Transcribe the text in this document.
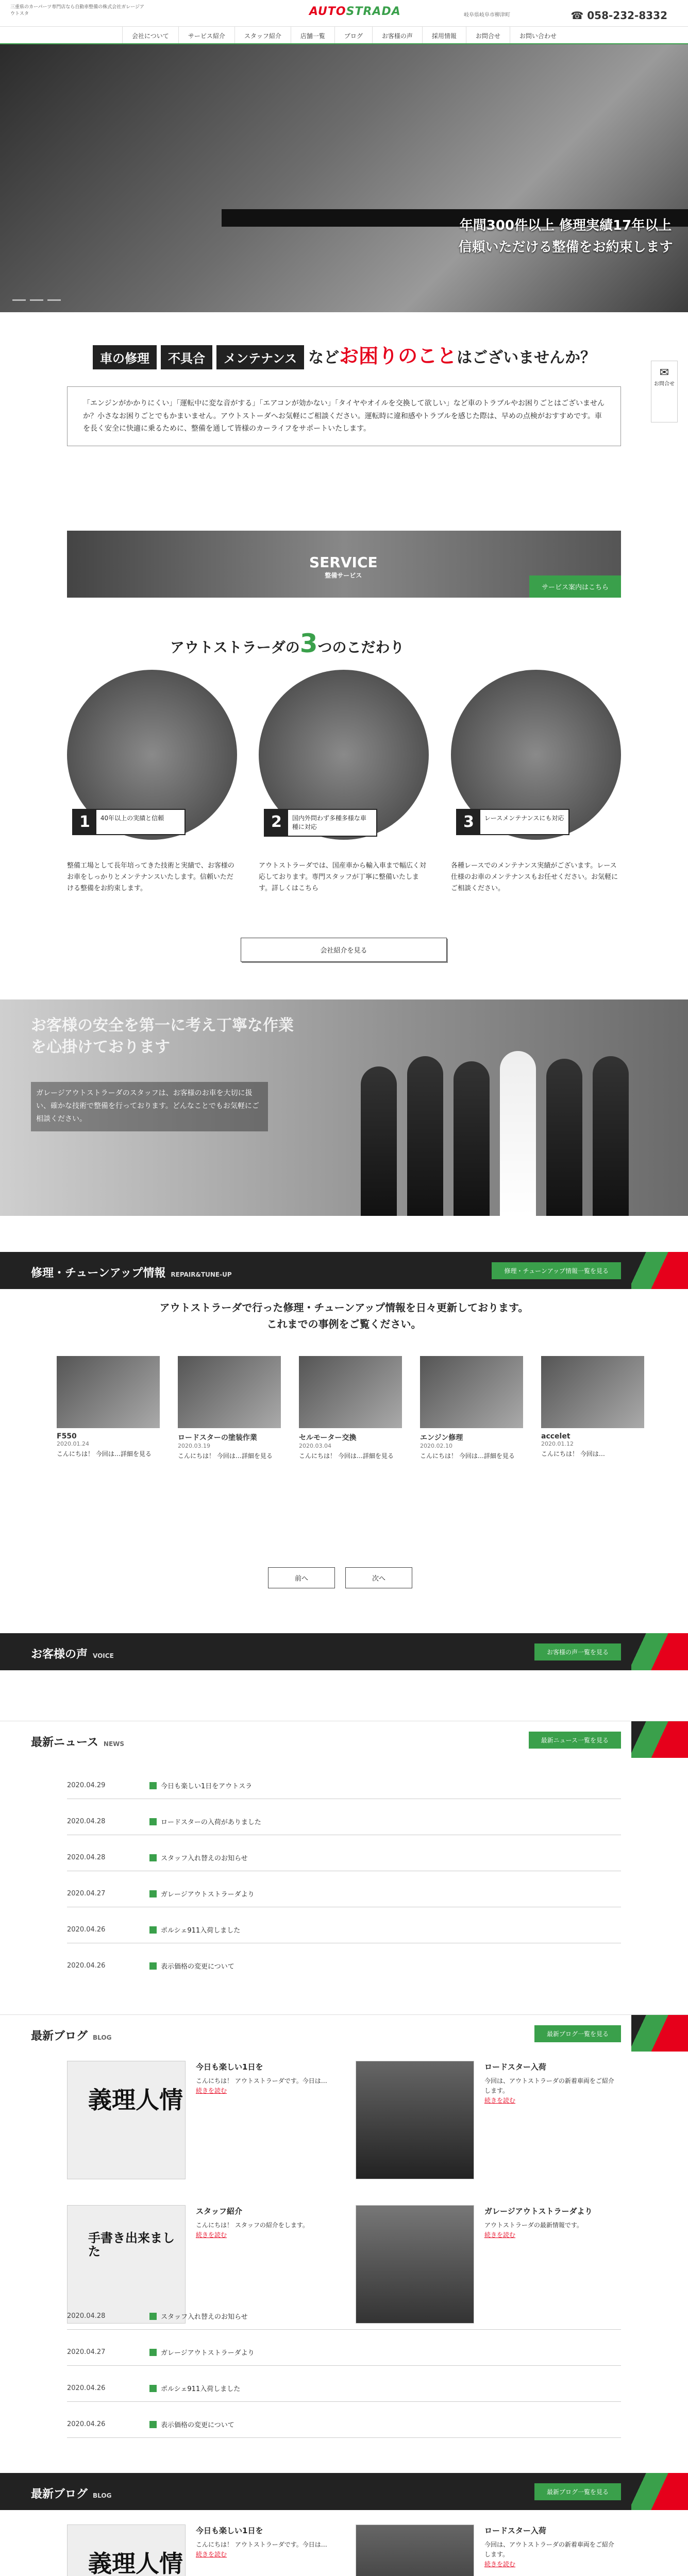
三重県のカーパーツ専門店なら自動車整備の株式会社ガレージアウトスタ	AUTOSTRADA	岐阜県岐阜市柳津町	☎ 058-232-8332
会社について	サービス紹介	スタッフ紹介	店舗一覧	ブログ	お客様の声	採用情報	お問合せ	お問い合わせ
年間300件以上 修理実績17年以上
信頼いただける整備をお約束します
✉
お問合せ
車の修理 不具合 メンテナンス などお困りのことはございませんか？
「エンジンがかかりにくい」「運転中に変な音がする」「エアコンが効かない」「タイヤやオイルを交換して欲しい」など車のトラブルやお困りごとはございませんか？小さなお困りごとでもかまいません。アウトストーダへお気軽にご相談ください。運転時に違和感やトラブルを感じた際は、早めの点検がおすすめです。車を長く安全に快適に乗るために、整備を通して皆様のカーライフをサポートいたします。
SERVICE
整備サービス
サービス案内はこちら
アウトストラーダの3つのこだわり
1	40年以上の実績と信頼

整備工場として長年培ってきた技術と実績で、お客様のお車をしっかりとメンテナンスいたします。信頼いただける整備をお約束します。

2	国内外問わず多種多様な車種に対応

アウトストラーダでは、国産車から輸入車まで幅広く対応しております。専門スタッフが丁寧に整備いたします。詳しくはこちら

3	レースメンテナンスにも対応

各種レースでのメンテナンス実績がございます。レース仕様のお車のメンテナンスもお任せください。お気軽にご相談ください。

会社紹介を見る
お客様の安全を第一に考え丁寧な作業を心掛けております
ガレージアウトストラーダのスタッフは、お客様のお車を大切に扱い、確かな技術で整備を行っております。どんなことでもお気軽にご相談ください。
修理・チューンアップ情報 REPAIR&TUNE-UP	修理・チューンアップ情報一覧を見る
アウトストラーダで行った修理・チューンアップ情報を日々更新しております。
これまでの事例をご覧ください。
F550
2020.01.24
こんにちは！ 今回は…詳細を見る
ロードスターの塗装作業
2020.03.19
こんにちは！ 今回は…詳細を見る
セルモーター交換
2020.03.04
こんにちは！ 今回は…詳細を見る
エンジン修理
2020.02.10
こんにちは！ 今回は…詳細を見る
accelet
2020.01.12
こんにちは！ 今回は…
前へ	次へ
お客様の声 VOICE	お客様の声一覧を見る
最新ニュース NEWS	最新ニュース一覧を見る
2020.04.29	今日も楽しい1日をアウトスラ
2020.04.28	ロードスターの入荷がありました
2020.04.28	スタッフ入れ替えのお知らせ
2020.04.27	ガレージアウトストラーダより
2020.04.26	ポルシェ911入荷しました
2020.04.26	表示価格の変更について
最新ブログ BLOG	最新ブログ一覧を見る
義理人情
今日も楽しい1日を
こんにちは！ アウトストラーダです。今日は…
続きを読む
ロードスター入荷
今回は、アウトストラーダの新着車両をご紹介します。
続きを読む
手書き出来ました
スタッフ紹介
こんにちは！ スタッフの紹介をします。
続きを読む
ガレージアウトストラーダより
アウトストラーダの最新情報です。
続きを読む
2020.04.28	スタッフ入れ替えのお知らせ
2020.04.27	ガレージアウトストラーダより
2020.04.26	ポルシェ911入荷しました
2020.04.26	表示価格の変更について
最新ブログ BLOG	最新ブログ一覧を見る
義理人情
今日も楽しい1日を
こんにちは！ アウトストラーダです。今日は…
続きを読む
ロードスター入荷
今回は、アウトストラーダの新着車両をご紹介します。
続きを読む
